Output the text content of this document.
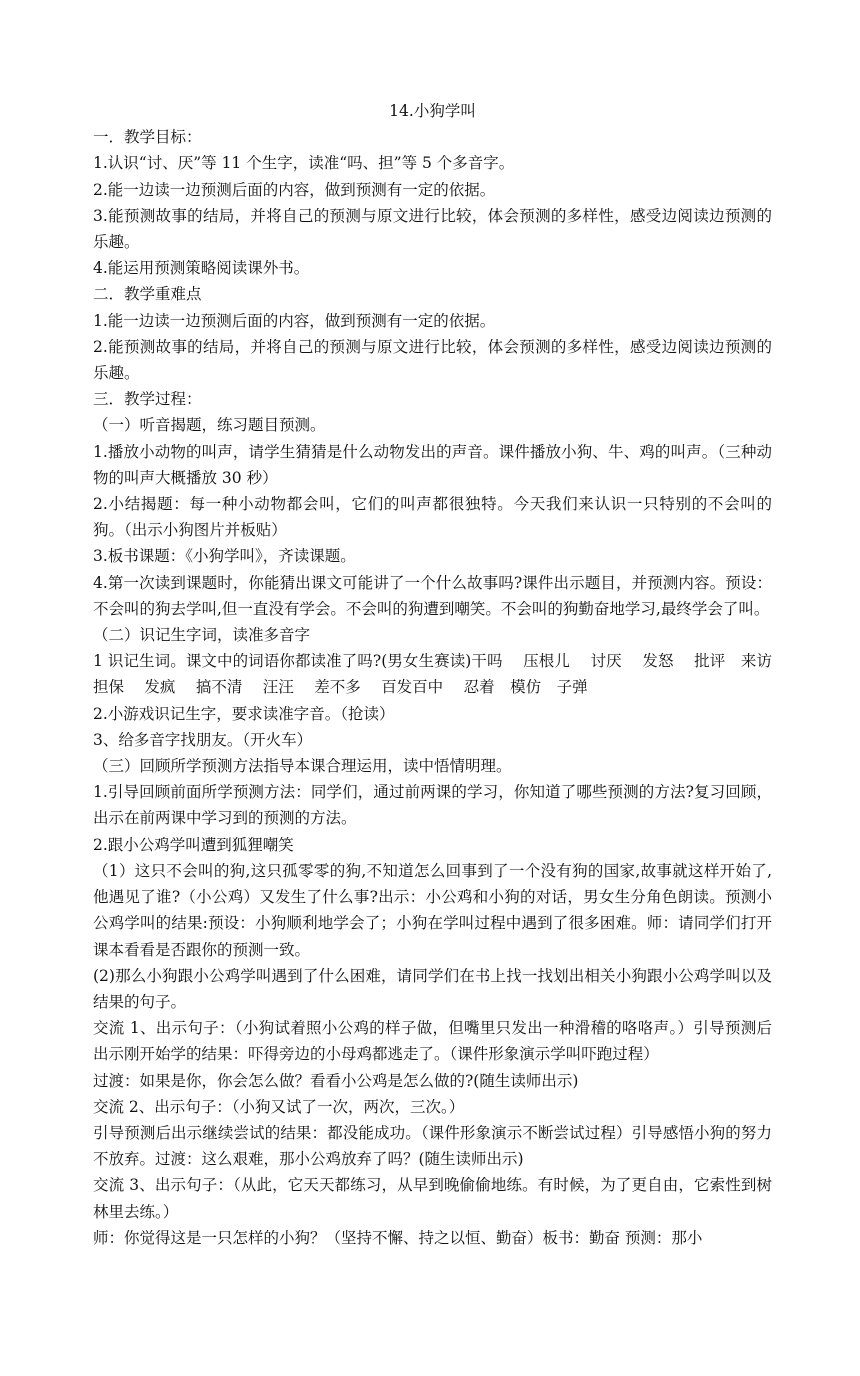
14.小狗学叫

一．教学目标：

1.认识“讨、厌”等 11 个生字，读准“吗、担”等 5 个多音字。

2.能一边读一边预测后面的内容，做到预测有一定的依据。

3.能预测故事的结局，并将自己的预测与原文进行比较，体会预测的多样性，感受边阅读边预测的乐趣。

4.能运用预测策略阅读课外书。

二．教学重难点

1.能一边读一边预测后面的内容，做到预测有一定的依据。

2.能预测故事的结局，并将自己的预测与原文进行比较，体会预测的多样性，感受边阅读边预测的乐趣。

三．教学过程：

（一）听音揭题，练习题目预测。

1.播放小动物的叫声，请学生猜猜是什么动物发出的声音。课件播放小狗、牛、鸡的叫声。（三种动物的叫声大概播放 30 秒）

2.小结揭题：每一种小动物都会叫，它们的叫声都很独特。今天我们来认识一只特别的不会叫的狗。（出示小狗图片并板贴）

3.板书课题：《小狗学叫》，齐读课题。

4.第一次读到课题时，你能猜出课文可能讲了一个什么故事吗?课件出示题目，并预测内容。预设：不会叫的狗去学叫,但一直没有学会。不会叫的狗遭到嘲笑。不会叫的狗勤奋地学习,最终学会了叫。

（二）识记生字词，读准多音字

1 识记生词。课文中的词语你都读准了吗?(男女生赛读)干吗　 压根儿　 讨厌　 发怒　 批评　来访　 担保　 发疯　 搞不清　 汪汪　 差不多　 百发百中　 忍着　模仿　子弹

2.小游戏识记生字，要求读准字音。（抢读）

3、给多音字找朋友。（开火车）

（三）回顾所学预测方法指导本课合理运用，读中悟情明理。

1.引导回顾前面所学预测方法：同学们，通过前两课的学习，你知道了哪些预测的方法?复习回顾，出示在前两课中学习到的预测的方法。

2.跟小公鸡学叫遭到狐狸嘲笑

（1）这只不会叫的狗,这只孤零零的狗,不知道怎么回事到了一个没有狗的国家,故事就这样开始了,他遇见了谁?（小公鸡）又发生了什么事?出示：小公鸡和小狗的对话，男女生分角色朗读。预测小公鸡学叫的结果:预设：小狗顺利地学会了；小狗在学叫过程中遇到了很多困难。师：请同学们打开课本看看是否跟你的预测一致。

(2)那么小狗跟小公鸡学叫遇到了什么困难，请同学们在书上找一找划出相关小狗跟小公鸡学叫以及结果的句子。

交流 1、出示句子：（小狗试着照小公鸡的样子做，但嘴里只发出一种滑稽的咯咯声。）引导预测后出示刚开始学的结果：吓得旁边的小母鸡都逃走了。（课件形象演示学叫吓跑过程）

过渡：如果是你，你会怎么做？看看小公鸡是怎么做的?(随生读师出示)

交流 2、出示句子：（小狗又试了一次，两次，三次。）

引导预测后出示继续尝试的结果：都没能成功。（课件形象演示不断尝试过程）引导感悟小狗的努力不放弃。过渡：这么艰难，那小公鸡放弃了吗？(随生读师出示)

交流 3、出示句子：（从此，它天天都练习，从早到晚偷偷地练。有时候，为了更自由，它索性到树林里去练。）

师：你觉得这是一只怎样的小狗？（坚持不懈、持之以恒、勤奋）板书：勤奋 预测：那小
